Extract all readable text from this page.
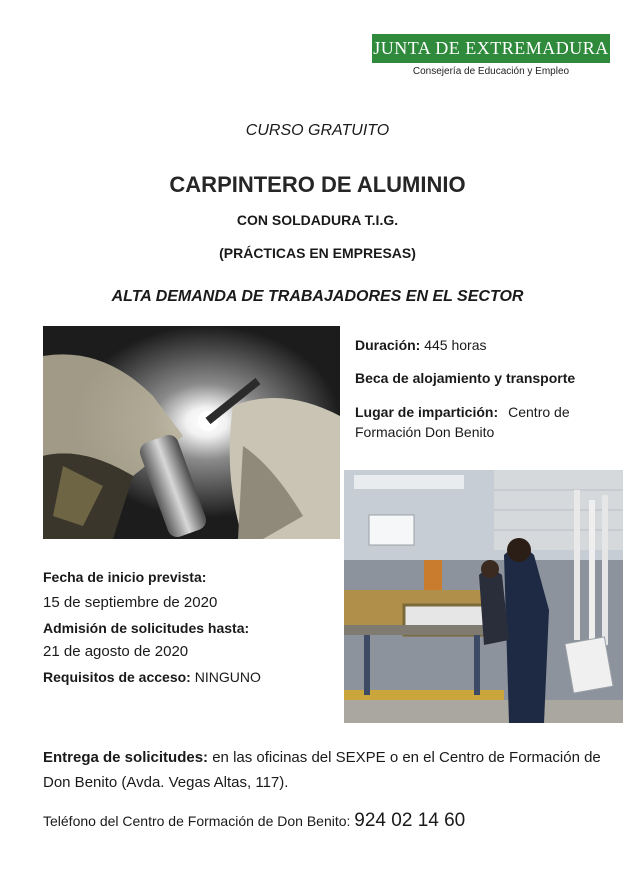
JUNTA DE EXTREMADURA
Consejería de Educación y Empleo
CURSO GRATUITO
CARPINTERO DE ALUMINIO
CON SOLDADURA T.I.G.
(PRÁCTICAS EN EMPRESAS)
ALTA DEMANDA DE TRABAJADORES EN EL SECTOR
Duración: 445 horas
Beca de alojamiento y transporte
Lugar de impartición: Centro de
Formación Don Benito
Fecha de inicio prevista:
15 de septiembre de 2020
Admisión de solicitudes hasta:
21 de agosto de 2020
Requisitos de acceso: NINGUNO
Entrega de solicitudes: en las oficinas del SEXPE o en el Centro de Formación de Don Benito (Avda. Vegas Altas, 117).
Teléfono del Centro de Formación de Don Benito: 924 02 14 60
